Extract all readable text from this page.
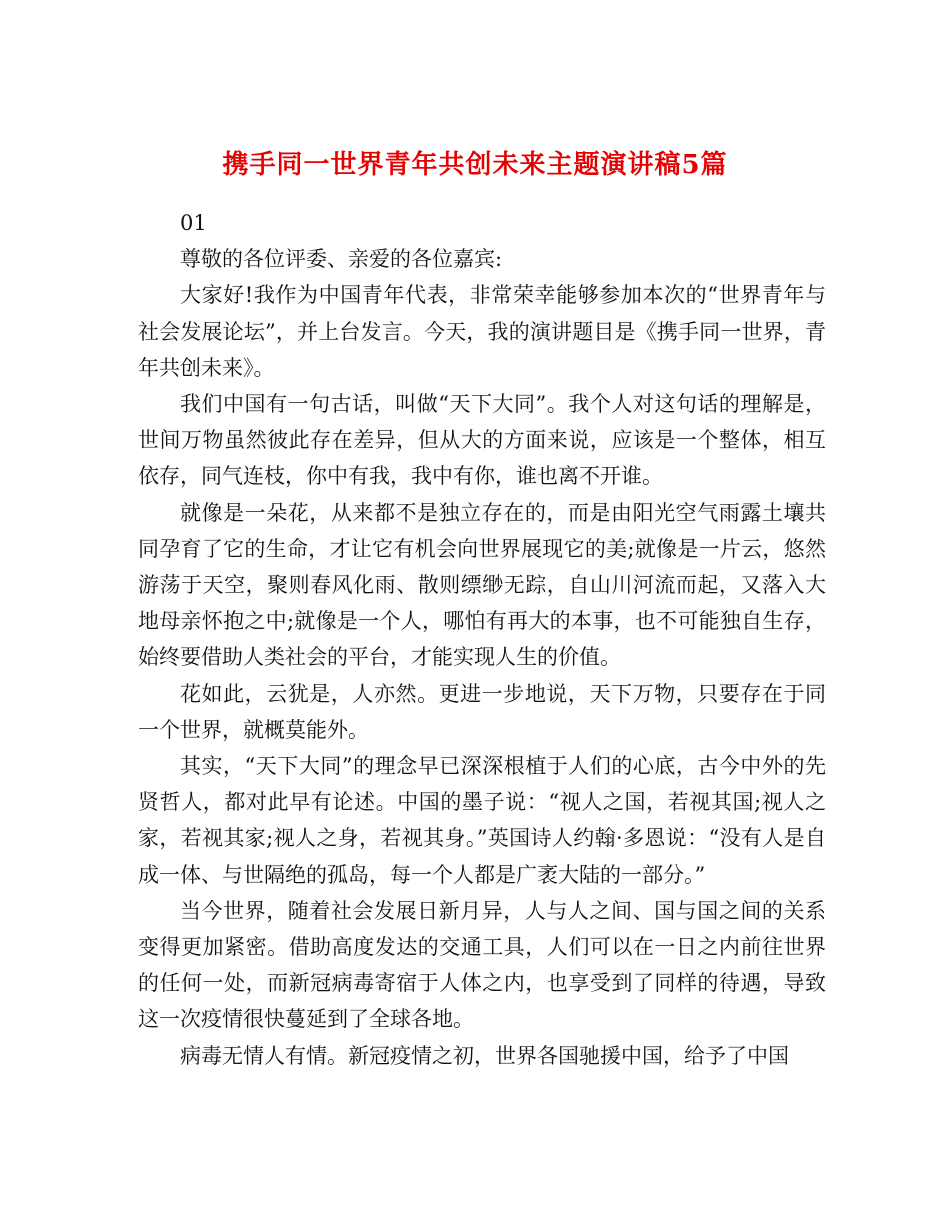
携手同一世界青年共创未来主题演讲稿5篇

01

尊敬的各位评委、亲爱的各位嘉宾:

大家好!我作为中国青年代表，非常荣幸能够参加本次的“世界青年与社会发展论坛”，并上台发言。今天，我的演讲题目是《携手同一世界，青年共创未来》。

我们中国有一句古话，叫做“天下大同”。我个人对这句话的理解是，世间万物虽然彼此存在差异，但从大的方面来说，应该是一个整体，相互依存，同气连枝，你中有我，我中有你，谁也离不开谁。

就像是一朵花，从来都不是独立存在的，而是由阳光空气雨露土壤共同孕育了它的生命，才让它有机会向世界展现它的美;就像是一片云，悠然游荡于天空，聚则春风化雨、散则缥缈无踪，自山川河流而起，又落入大地母亲怀抱之中;就像是一个人，哪怕有再大的本事，也不可能独自生存，始终要借助人类社会的平台，才能实现人生的价值。

花如此，云犹是，人亦然。更进一步地说，天下万物，只要存在于同一个世界，就概莫能外。

其实，“天下大同”的理念早已深深根植于人们的心底，古今中外的先贤哲人，都对此早有论述。中国的墨子说：“视人之国，若视其国;视人之家，若视其家;视人之身，若视其身。”英国诗人约翰·多恩说：“没有人是自成一体、与世隔绝的孤岛，每一个人都是广袤大陆的一部分。”

当今世界，随着社会发展日新月异，人与人之间、国与国之间的关系变得更加紧密。借助高度发达的交通工具，人们可以在一日之内前往世界的任何一处，而新冠病毒寄宿于人体之内，也享受到了同样的待遇，导致这一次疫情很快蔓延到了全球各地。

病毒无情人有情。新冠疫情之初，世界各国驰援中国，给予了中国
